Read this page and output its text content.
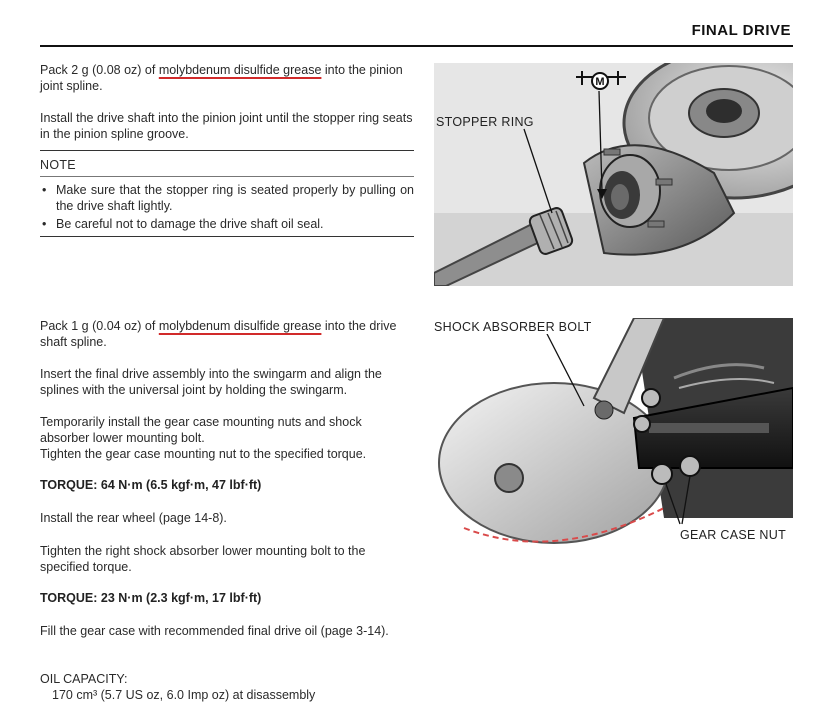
FINAL DRIVE
Pack 2 g (0.08 oz) of molybdenum disulfide grease into the pinion joint spline.
Install the drive shaft into the pinion joint until the stopper ring seats in the pinion spline groove.
NOTE
• Make sure that the stopper ring is seated properly by pulling on the drive shaft lightly.
• Be careful not to damage the drive shaft oil seal.
M
STOPPER RING
Pack 1 g (0.04 oz) of molybdenum disulfide grease into the drive shaft spline.
Insert the final drive assembly into the swingarm and align the splines with the universal joint by holding the swingarm.
Temporarily install the gear case mounting nuts and shock absorber lower mounting bolt.
Tighten the gear case mounting nut to the specified torque.
TORQUE: 64 N·m (6.5 kgf·m, 47 lbf·ft)
Install the rear wheel (page 14-8).
Tighten the right shock absorber lower mounting bolt to the specified torque.
TORQUE: 23 N·m (2.3 kgf·m, 17 lbf·ft)
Fill the gear case with recommended final drive oil (page 3-14).
OIL CAPACITY:
170 cm³ (5.7 US oz, 6.0 Imp oz) at disassembly
SHOCK ABSORBER BOLT
GEAR CASE NUT
